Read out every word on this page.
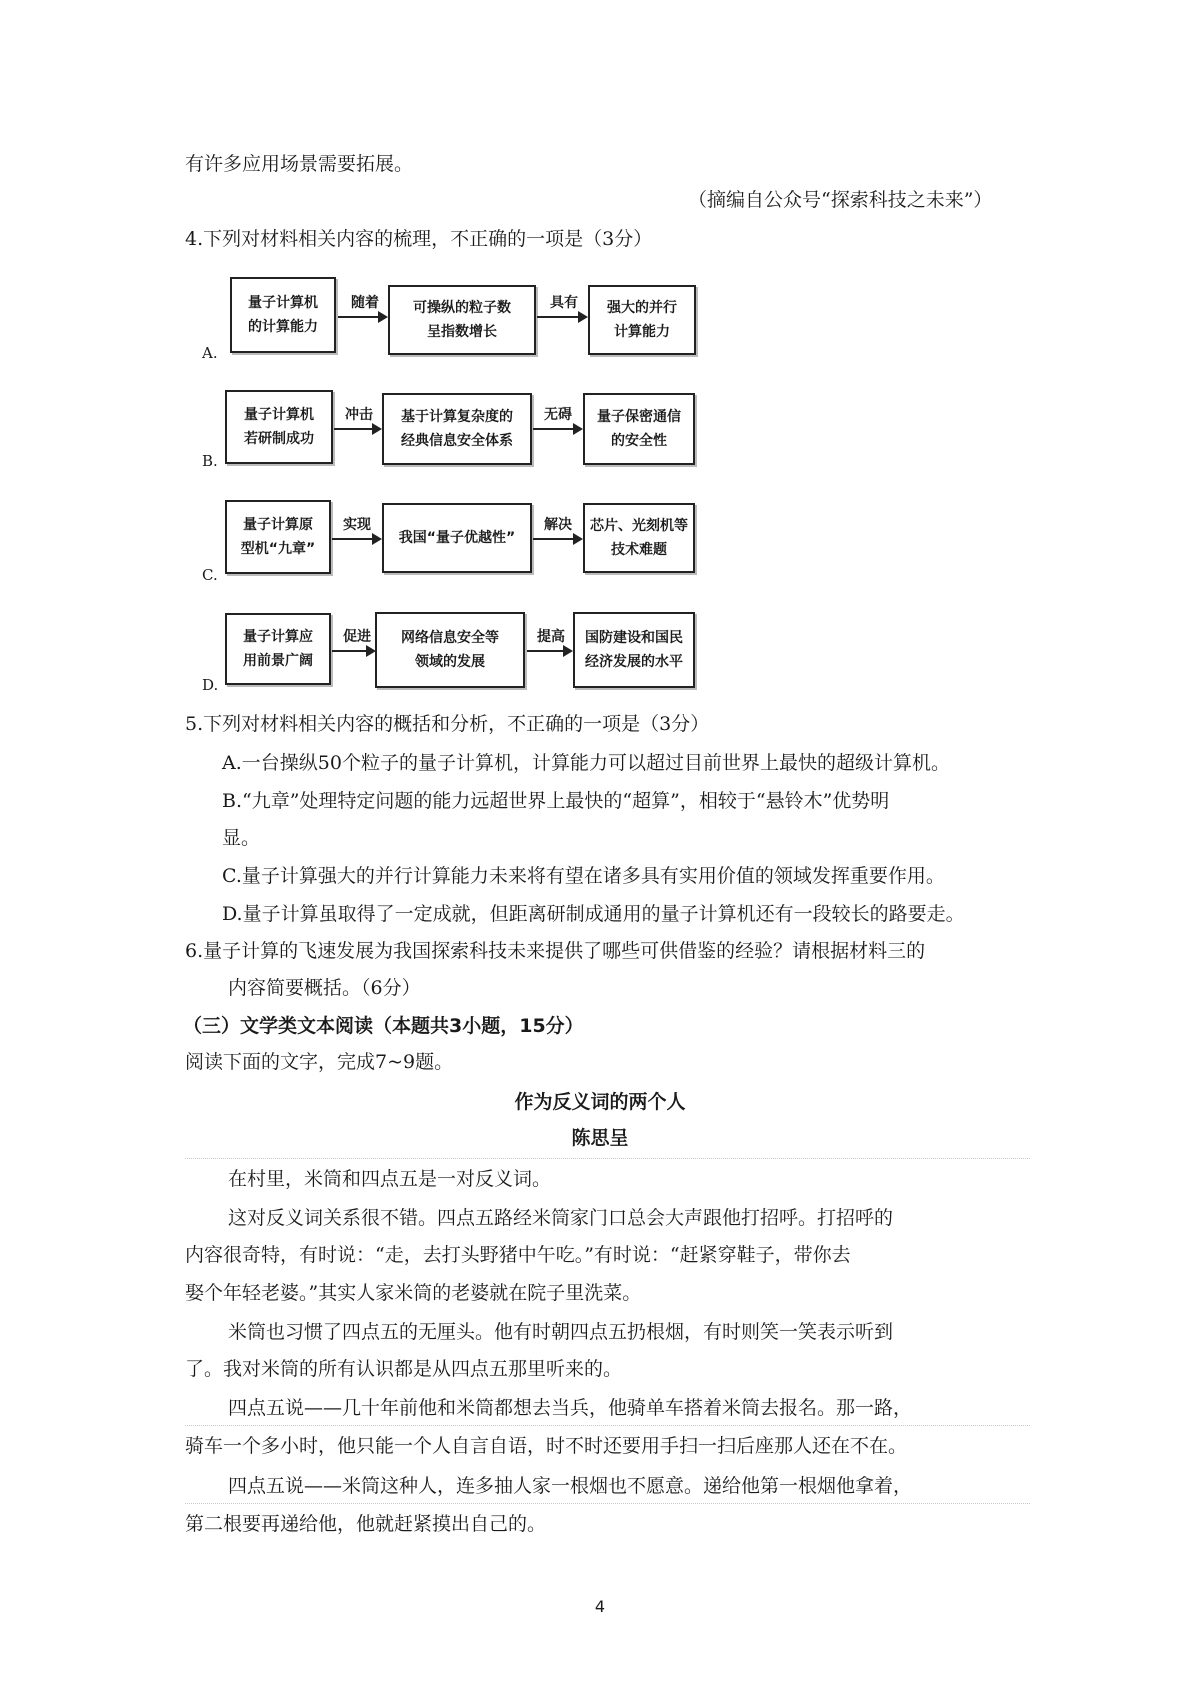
有许多应用场景需要拓展。
（摘编自公众号“探索科技之未来”）
4.下列对材料相关内容的梳理，不正确的一项是（3分）
A.
量子计算机
的计算能力
随着	可操纵的粒子数
呈指数增长
具有	强大的并行
计算能力
B.
量子计算机
若研制成功
冲击	基于计算复杂度的
经典信息安全体系
无碍	量子保密通信
的安全性
C.
量子计算原
型机“九章”
实现
我国“量子优越性”
解决	芯片、光刻机等
技术难题
D.
量子计算应
用前景广阔
促进	网络信息安全等
领域的发展
提高	国防建设和国民
经济发展的水平
5.下列对材料相关内容的概括和分析，不正确的一项是（3分）
A.一台操纵50个粒子的量子计算机，计算能力可以超过目前世界上最快的超级计算机。
B.“九章”处理特定问题的能力远超世界上最快的“超算”，相较于“悬铃木”优势明
显。
C.量子计算强大的并行计算能力未来将有望在诸多具有实用价值的领域发挥重要作用。
D.量子计算虽取得了一定成就，但距离研制成通用的量子计算机还有一段较长的路要走。
6.量子计算的飞速发展为我国探索科技未来提供了哪些可供借鉴的经验？请根据材料三的
内容简要概括。（6分）
（三）文学类文本阅读（本题共3小题，15分）
阅读下面的文字，完成7~9题。
作为反义词的两个人
陈思呈
在村里，米筒和四点五是一对反义词。
这对反义词关系很不错。四点五路经米筒家门口总会大声跟他打招呼。打招呼的
内容很奇特，有时说：“走，去打头野猪中午吃。”有时说：“赶紧穿鞋子，带你去
娶个年轻老婆。”其实人家米筒的老婆就在院子里洗菜。
米筒也习惯了四点五的无厘头。他有时朝四点五扔根烟，有时则笑一笑表示听到
了。我对米筒的所有认识都是从四点五那里听来的。
四点五说——几十年前他和米筒都想去当兵，他骑单车搭着米筒去报名。那一路，
骑车一个多小时，他只能一个人自言自语，时不时还要用手扫一扫后座那人还在不在。
四点五说——米筒这种人，连多抽人家一根烟也不愿意。递给他第一根烟他拿着，
第二根要再递给他，他就赶紧摸出自己的。
4
